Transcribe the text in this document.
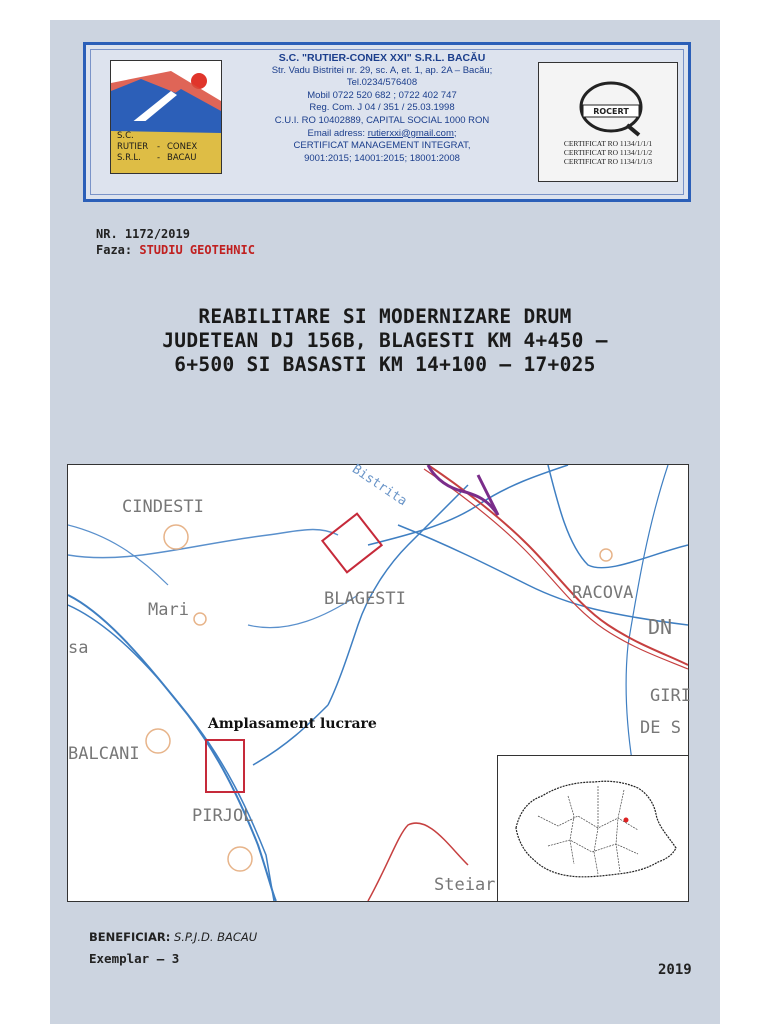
S.C.
RUTIER - CONEX
S.R.L. - BACAU
S.C. "RUTIER-CONEX XXI" S.R.L. BACĂU
Str. Vadu Bistritei nr. 29, sc. A, et. 1, ap. 2A – Bacău;
Tel.0234/576408
Mobil 0722 520 682 ; 0722 402 747
Reg. Com. J 04 / 351 / 25.03.1998
C.U.I. RO 10402889, CAPITAL SOCIAL 1000 RON
Email adress: rutierxxi@gmail.com;
CERTIFICAT MANAGEMENT INTEGRAT,
9001:2015; 14001:2015; 18001:2008
ROCERT
CERTIFICAT RO 1134/1/1/1
CERTIFICAT RO 1134/1/1/2
CERTIFICAT RO 1134/1/1/3
NR. 1172/2019
Faza: STUDIU GEOTEHNIC
REABILITARE SI MODERNIZARE DRUM
JUDETEAN DJ 156B, BLAGESTI KM 4+450 –
6+500 SI BASASTI KM 14+100 – 17+025
CINDESTI	Bistrita
BLAGESTI	RACOVA
DN
Mari
sa
GIRI
DE S
BALCANI
PIRJOL
Steiar
Amplasament lucrare
BENEFICIAR: S.P.J.D. BACAU
Exemplar – 3
2019
